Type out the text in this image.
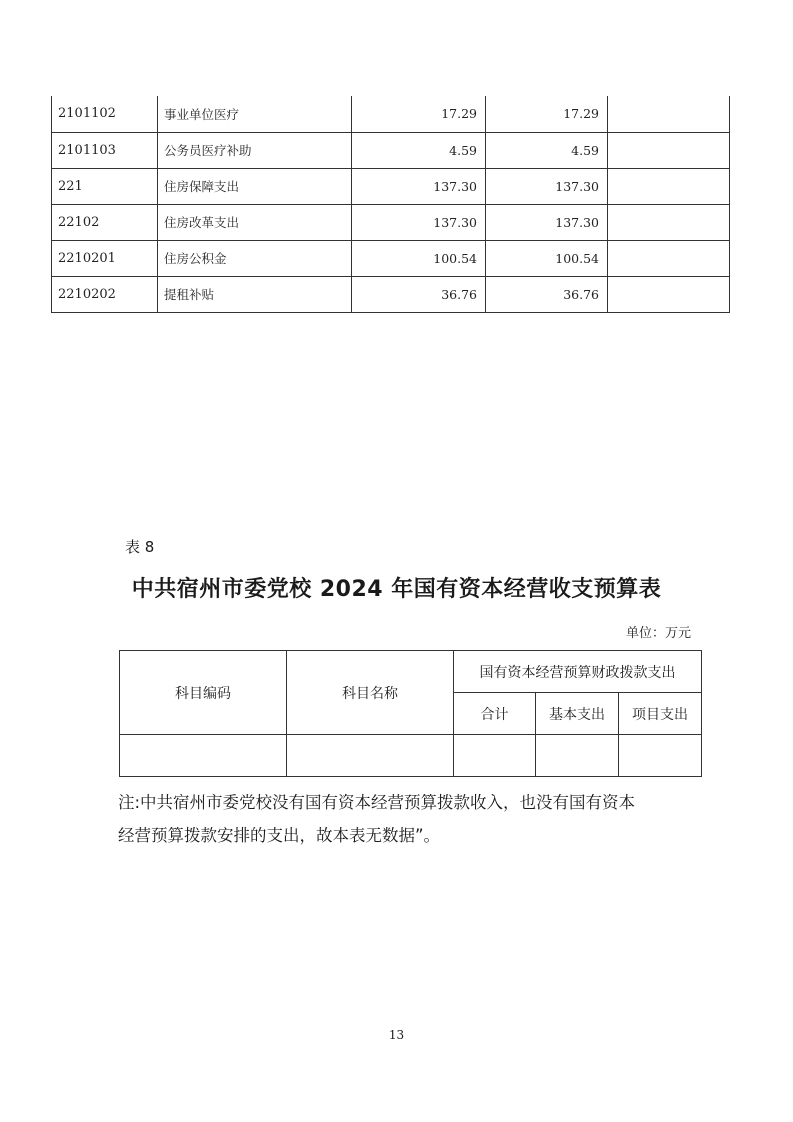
2101102	事业单位医疗	17.29	17.29	
2101103	公务员医疗补助	4.59	4.59	
221	住房保障支出	137.30	137.30	
22102	住房改革支出	137.30	137.30	
2210201	住房公积金	100.54	100.54	
2210202	提租补贴	36.76	36.76	
表 8
中共宿州市委党校 2024 年国有资本经营收支预算表
单位：万元
科目编码	科目名称	国有资本经营预算财政拨款支出		
		合计	基本支出	项目支出

注:中共宿州市委党校没有国有资本经营预算拨款收入，也没有国有资本
经营预算拨款安排的支出，故本表无数据”。
13
